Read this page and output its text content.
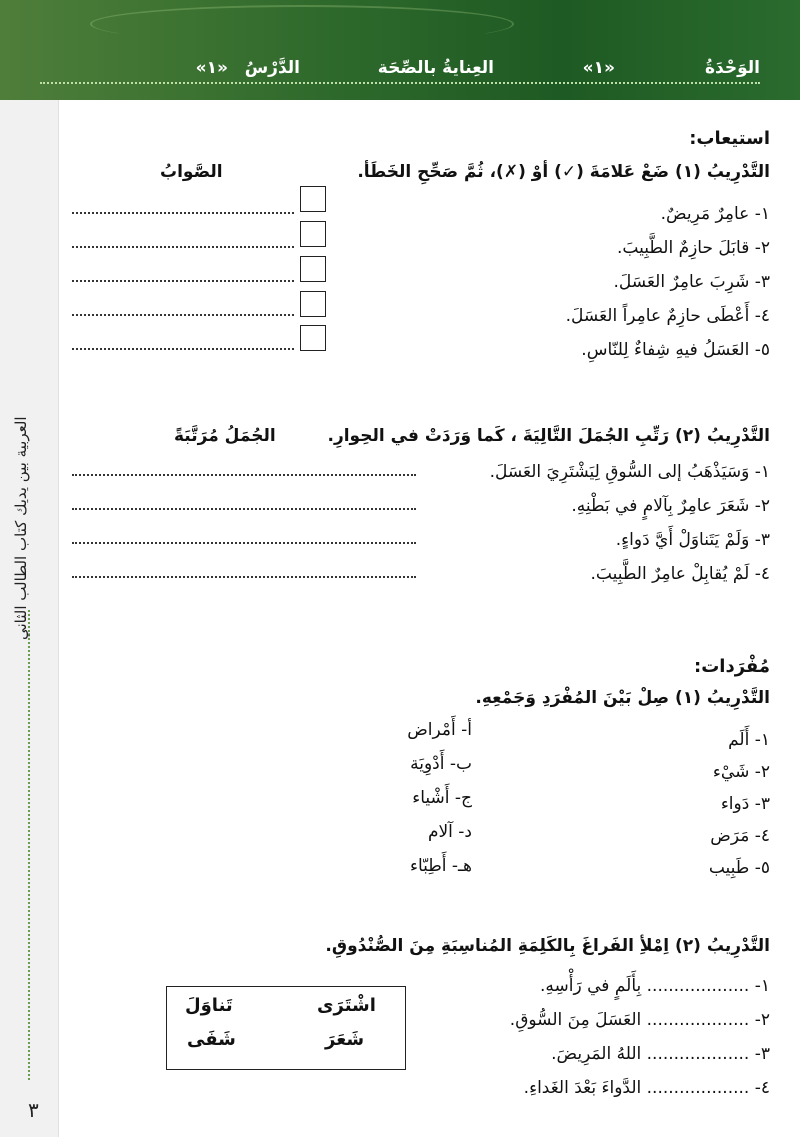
الوَحْدَةُ
«١»
العِنايةُ بالصِّحَة
الدَّرْسُ
«١»
العربية بين يديك كتاب الطالب الثاني
٣
استيعاب:
التَّدْرِيبُ (١) ضَعْ عَلامَةَ (✓) أوْ (✗)، ثُمَّ صَحِّحِ الخَطَأ.
الصَّوابُ
١- عامِرٌ مَرِيضٌ.
٢- قابَلَ حازِمٌ الطَّبِيبَ.
٣- شَرِبَ عامِرٌ العَسَلَ.
٤- أَعْطَى حازِمٌ عامِراً العَسَلَ.
٥- العَسَلُ فيهِ شِفاءٌ لِلنّاسِ.
التَّدْرِيبُ (٢) رَتِّبِ الجُمَلَ التَّالِيَةَ ، كَما وَرَدَتْ في الحِوارِ.
الجُمَلُ مُرَتَّبَةً
١- وَسَيَذْهَبُ إلى السُّوقِ لِيَشْتَرِيَ العَسَلَ.
٢- شَعَرَ عامِرٌ بِآلامٍ في بَطْنِهِ.
٣- وَلَمْ يَتَناوَلْ أَيَّ دَواءٍ.
٤- لَمْ يُقابِلْ عامِرٌ الطَّبِيبَ.
مُفْرَدات:
التَّدْرِيبُ (١) صِلْ بَيْنَ المُفْرَدِ وَجَمْعِهِ.
١- أَلَم
٢- شَيْء
٣- دَواء
٤- مَرَض
٥- طَبِيب
أ- أَمْراض
ب- أَدْوِيَة
ج- أَشْياء
د- آلام
هـ- أَطِبّاء
التَّدْرِيبُ (٢) اِمْلأِ الفَراغَ بِالكَلِمَةِ المُناسِبَةِ مِنَ الصُّنْدُوقِ.
١- ................... بِأَلَمٍ في رَأْسِهِ.
٢- ................... العَسَلَ مِنَ السُّوقِ.
٣- ................... اللهُ المَرِيضَ.
٤- ................... الدَّواءَ بَعْدَ الغَداءِ.
اشْتَرَى
تَناوَلَ
شَعَرَ
شَفَى
